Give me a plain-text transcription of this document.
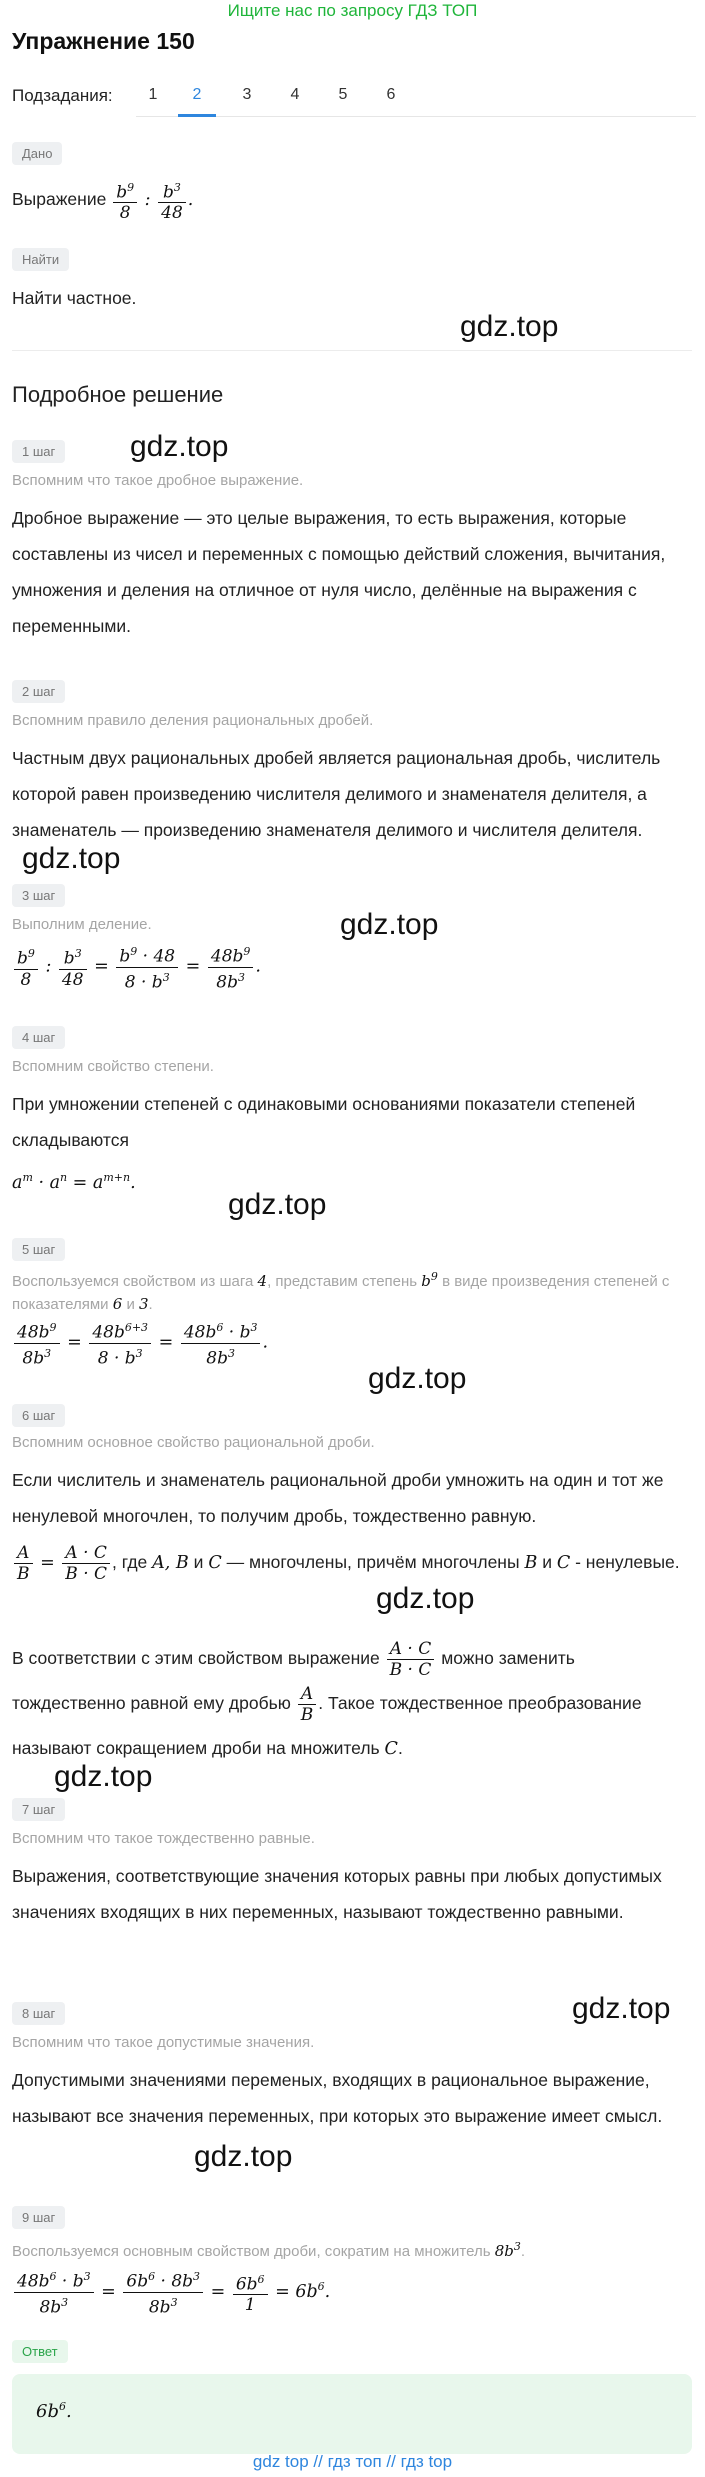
Ищите нас по запросу ГДЗ ТОП
Упражнение 150
Подзадания:	1	2	3	4	5	6
Дано
Выражение $\frac{b^9}{8}$ : $\frac{b^3}{48}$ .
Найти
Найти частное.
gdz.top
Подробное решение
1 шаг	gdz.top
Вспомним что такое дробное выражение.
Дробное выражение — это целые выражения, то есть выражения, которые составлены из чисел и переменных с помощью действий сложения, вычитания, умножения и деления на отличное от нуля число, делённые на выражения с переменными.
2 шаг
Вспомним правило деления рациональных дробей.
Частным двух рациональных дробей является рациональная дробь, числитель которой равен произведению числителя делимого и знаменателя делителя, а знаменатель — произведению знаменателя делимого и числителя делителя.
gdz.top
3 шаг
gdz.top
Выполним деление.
$\frac{b^9}{8}$ : $\frac{b^3}{48} = \frac{b^9 \cdot 48}{8 \cdot b^3} = \frac{48b^9}{8b^3}$ .
4 шаг
Вспомним свойство степени.
При умножении степеней с одинаковыми основаниями показатели степеней складываются
$a^m \cdot a^n = a^{m+n}$.
gdz.top
5 шаг
Воспользуемся свойством из шага 4, представим степень $b^9$ в виде произведения степеней с показателями 6 и 3.
$\frac{48b^9}{8b^3} = \frac{48b^{6+3}}{8 \cdot b^3} = \frac{48b^6 \cdot b^3}{8b^3}$ .
gdz.top
6 шаг
Вспомним основное свойство рациональной дроби.
Если числитель и знаменатель рациональной дроби умножить на один и тот же ненулевой многочлен, то получим дробь, тождественно равную.
$\frac{A}{B} = \frac{A \cdot C}{B \cdot C}$ , где A, B и C — многочлены, причём многочлены B и C - ненулевые.
gdz.top
В соответствии с этим свойством выражение $\frac{A \cdot C}{B \cdot C}$ можно заменить тождественно равной ему дробью $\frac{A}{B}$ . Такое тождественное преобразование называют сокращением дроби на множитель C.
gdz.top
7 шаг
Вспомним что такое тождественно равные.
Выражения, соответствующие значения которых равны при любых допустимых значениях входящих в них переменных, называют тождественно равными.
8 шаг	gdz.top
Вспомним что такое допустимые значения.
Допустимыми значениями переменых, входящих в рациональное выражение, называют все значения переменных, при которых это выражение имеет смысл.
gdz.top
9 шаг
Воспользуемся основным свойством дроби, сократим на множитель $8b^3$.
$\frac{48b^6 \cdot b^3}{8b^3} = \frac{6b^6 \cdot 8b^3}{8b^3} = \frac{6b^6}{1} = 6b^6$.
Ответ
$6b^6$.
gdz top // гдз топ // гдз top
